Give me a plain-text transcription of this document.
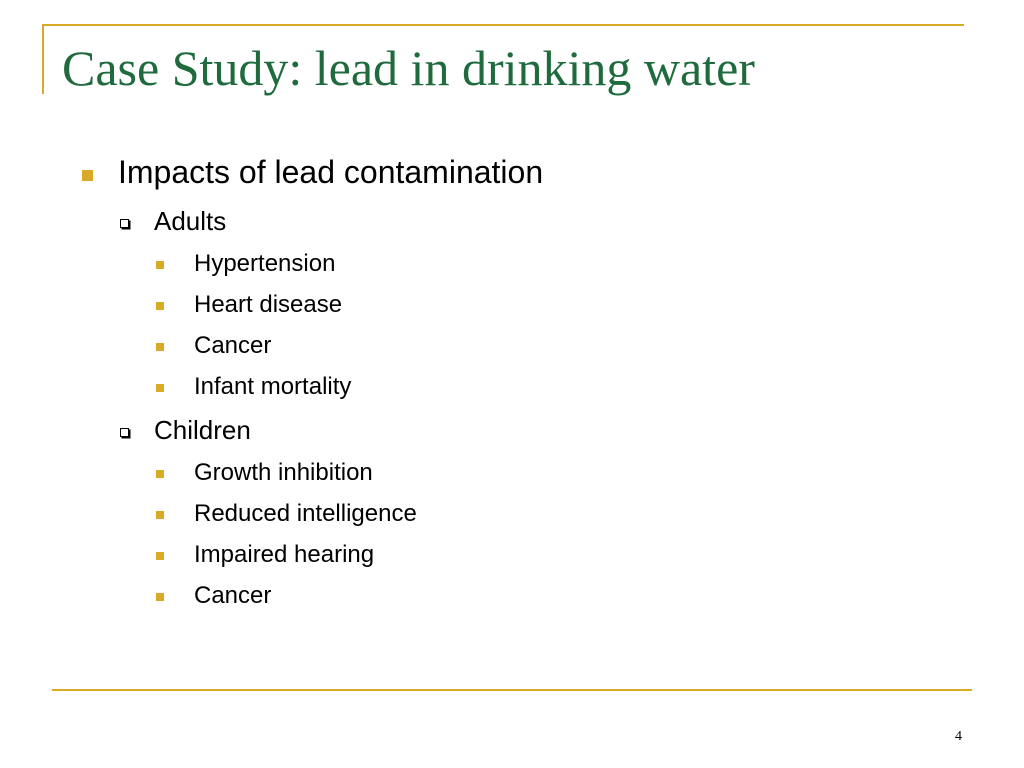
Case Study: lead in drinking water
Impacts of lead contamination
Adults
Hypertension
Heart disease
Cancer
Infant mortality
Children
Growth inhibition
Reduced intelligence
Impaired hearing
Cancer
4
